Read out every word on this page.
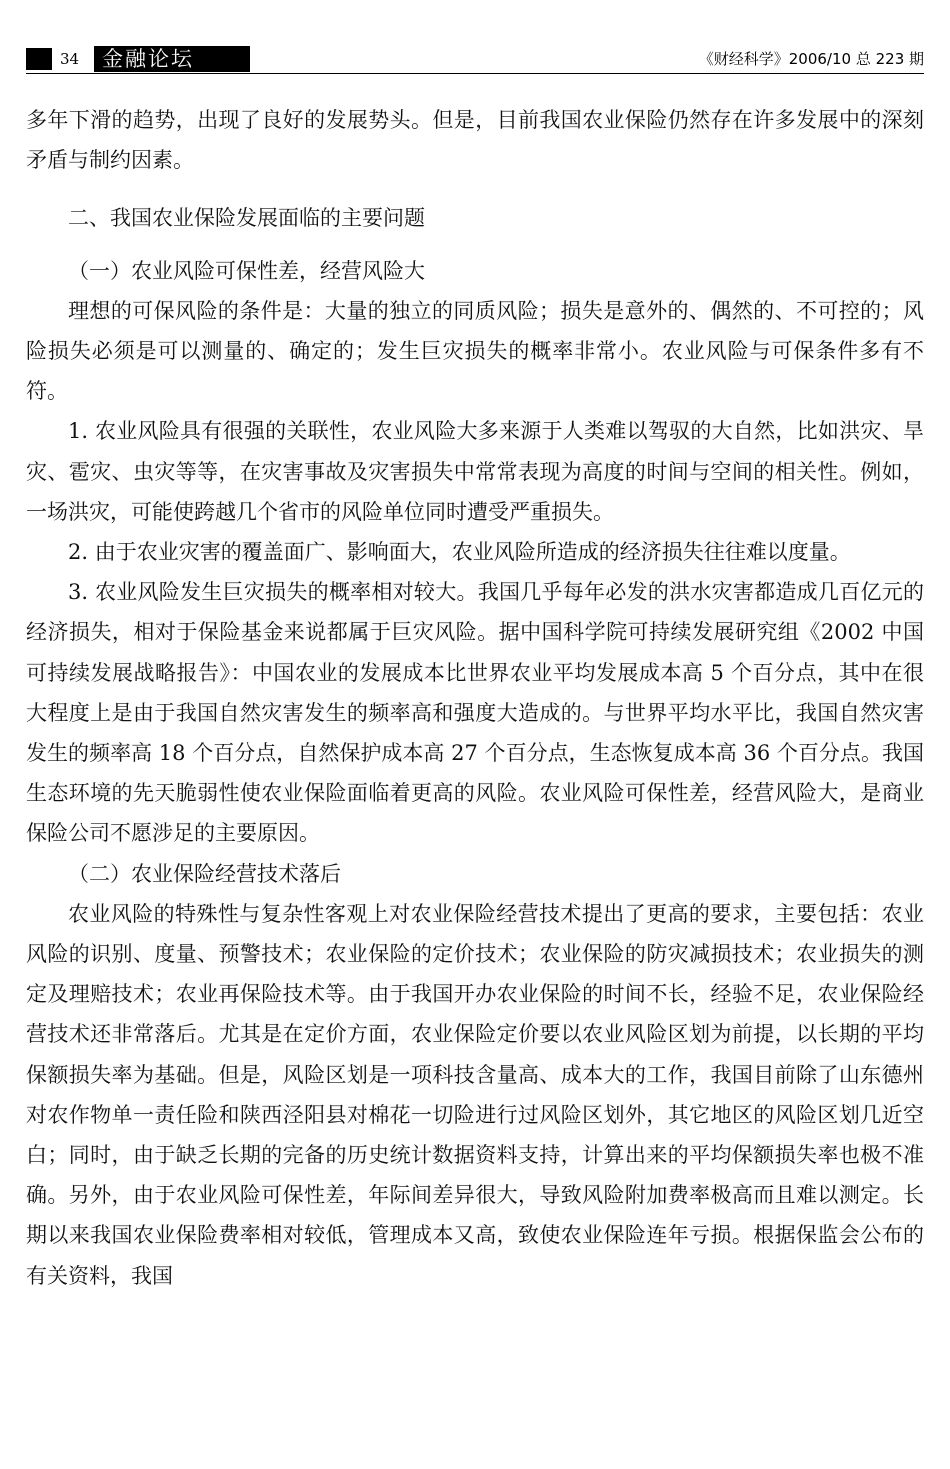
34	金融论坛	《财经科学》2006/10 总 223 期

多年下滑的趋势，出现了良好的发展势头。但是，目前我国农业保险仍然存在许多发展中的深刻矛盾与制约因素。

二、我国农业保险发展面临的主要问题

（一）农业风险可保性差，经营风险大

理想的可保风险的条件是：大量的独立的同质风险；损失是意外的、偶然的、不可控的；风险损失必须是可以测量的、确定的；发生巨灾损失的概率非常小。农业风险与可保条件多有不符。

1. 农业风险具有很强的关联性，农业风险大多来源于人类难以驾驭的大自然，比如洪灾、旱灾、雹灾、虫灾等等，在灾害事故及灾害损失中常常表现为高度的时间与空间的相关性。例如，一场洪灾，可能使跨越几个省市的风险单位同时遭受严重损失。

2. 由于农业灾害的覆盖面广、影响面大，农业风险所造成的经济损失往往难以度量。

3. 农业风险发生巨灾损失的概率相对较大。我国几乎每年必发的洪水灾害都造成几百亿元的经济损失，相对于保险基金来说都属于巨灾风险。据中国科学院可持续发展研究组《2002 中国可持续发展战略报告》：中国农业的发展成本比世界农业平均发展成本高 5 个百分点，其中在很大程度上是由于我国自然灾害发生的频率高和强度大造成的。与世界平均水平比，我国自然灾害发生的频率高 18 个百分点，自然保护成本高 27 个百分点，生态恢复成本高 36 个百分点。我国生态环境的先天脆弱性使农业保险面临着更高的风险。农业风险可保性差，经营风险大，是商业保险公司不愿涉足的主要原因。

（二）农业保险经营技术落后

农业风险的特殊性与复杂性客观上对农业保险经营技术提出了更高的要求，主要包括：农业风险的识别、度量、预警技术；农业保险的定价技术；农业保险的防灾减损技术；农业损失的测定及理赔技术；农业再保险技术等。由于我国开办农业保险的时间不长，经验不足，农业保险经营技术还非常落后。尤其是在定价方面，农业保险定价要以农业风险区划为前提，以长期的平均保额损失率为基础。但是，风险区划是一项科技含量高、成本大的工作，我国目前除了山东德州对农作物单一责任险和陕西泾阳县对棉花一切险进行过风险区划外，其它地区的风险区划几近空白；同时，由于缺乏长期的完备的历史统计数据资料支持，计算出来的平均保额损失率也极不准确。另外，由于农业风险可保性差，年际间差异很大，导致风险附加费率极高而且难以测定。长期以来我国农业保险费率相对较低，管理成本又高，致使农业保险连年亏损。根据保监会公布的有关资料，我国
